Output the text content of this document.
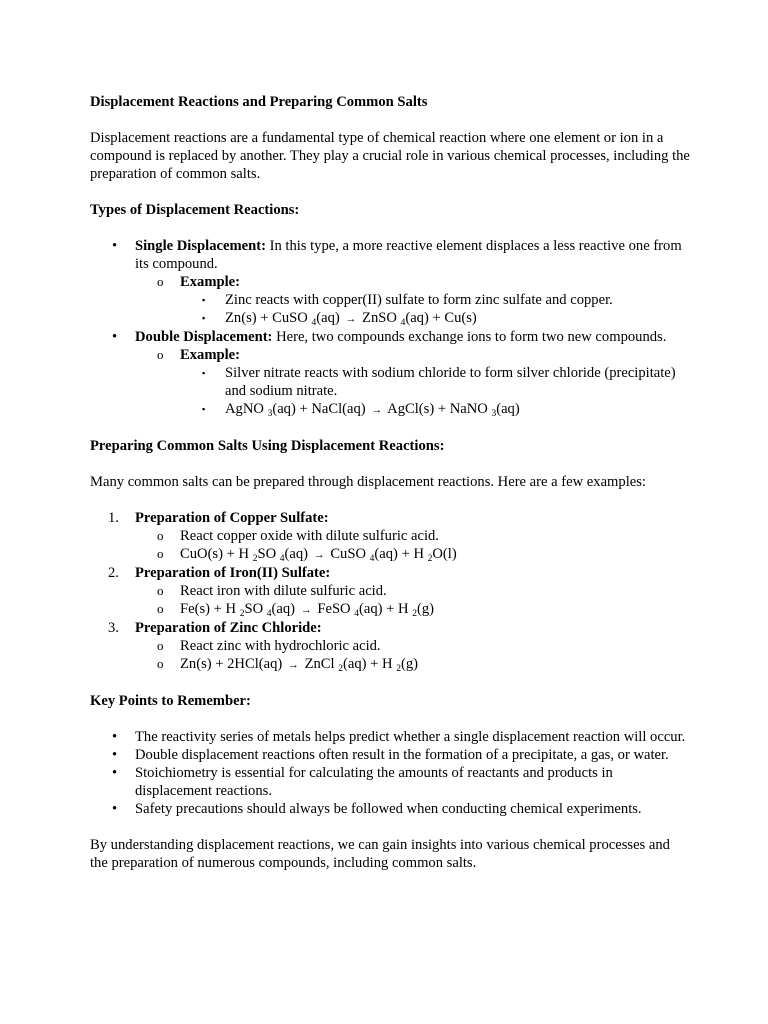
Displacement Reactions and Preparing Common Salts

Displacement reactions are a fundamental type of chemical reaction where one element or ion in a compound is replaced by another. They play a crucial role in various chemical processes, including the preparation of common salts.

Types of Displacement Reactions:

• Single Displacement: In this type, a more reactive element displaces a less reactive one from its compound.
o Example:
▪ Zinc reacts with copper(II) sulfate to form zinc sulfate and copper.
▪ Zn(s) + CuSO $_4$(aq) → ZnSO $_4$(aq) + Cu(s)
• Double Displacement: Here, two compounds exchange ions to form two new compounds.
o Example:
▪ Silver nitrate reacts with sodium chloride to form silver chloride (precipitate) and sodium nitrate.
▪ AgNO $_3$(aq) + NaCl(aq) → AgCl(s) + NaNO $_3$(aq)

Preparing Common Salts Using Displacement Reactions:

Many common salts can be prepared through displacement reactions. Here are a few examples:

1. Preparation of Copper Sulfate:
o React copper oxide with dilute sulfuric acid.
o CuO(s) + H $_2$SO $_4$(aq) → CuSO $_4$(aq) + H $_2$O(l)
2. Preparation of Iron(II) Sulfate:
o React iron with dilute sulfuric acid.
o Fe(s) + H $_2$SO $_4$(aq) → FeSO $_4$(aq) + H $_2$(g)
3. Preparation of Zinc Chloride:
o React zinc with hydrochloric acid.
o Zn(s) + 2HCl(aq) → ZnCl $_2$(aq) + H $_2$(g)

Key Points to Remember:

• The reactivity series of metals helps predict whether a single displacement reaction will occur.
• Double displacement reactions often result in the formation of a precipitate, a gas, or water.
• Stoichiometry is essential for calculating the amounts of reactants and products in displacement reactions.
• Safety precautions should always be followed when conducting chemical experiments.

By understanding displacement reactions, we can gain insights into various chemical processes and the preparation of numerous compounds, including common salts.
